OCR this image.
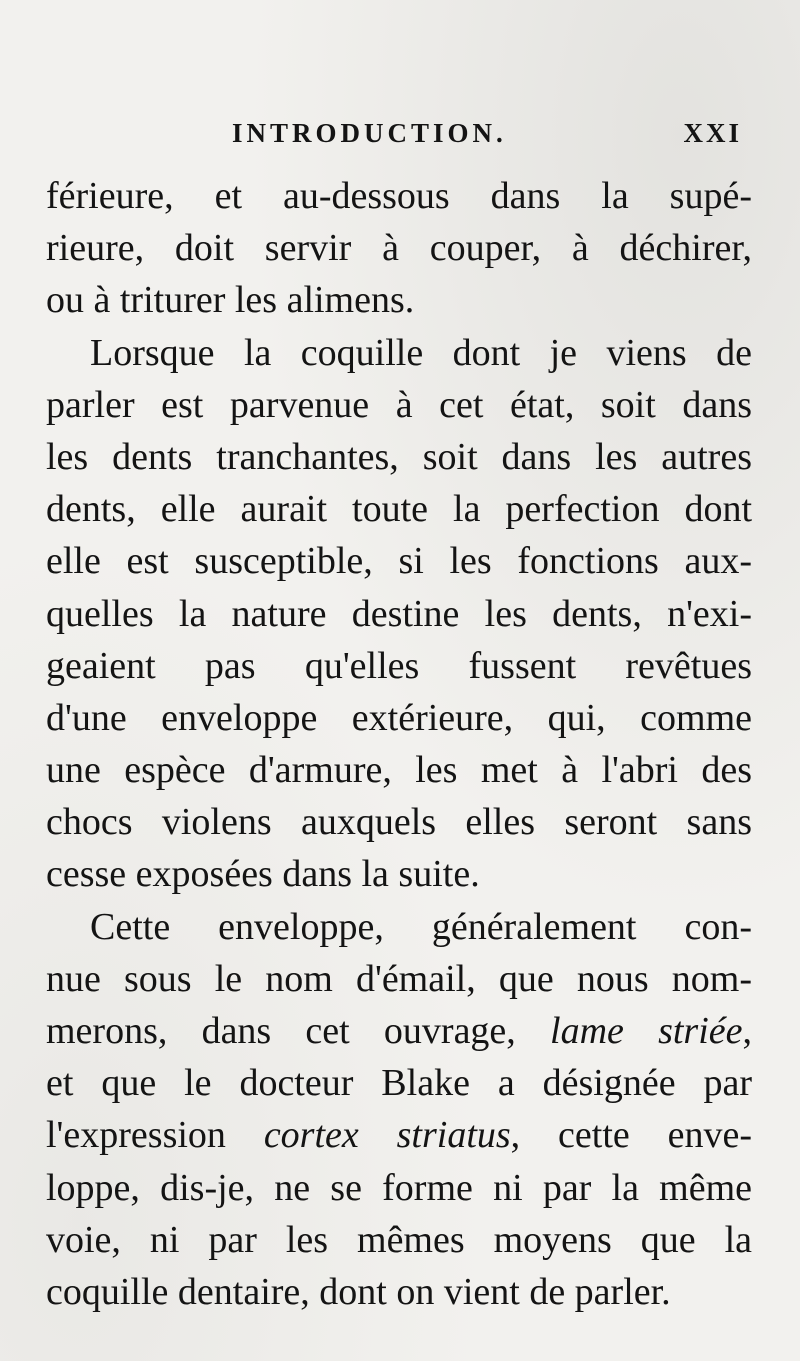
INTRODUCTION.	XXI
férieure, et au-dessous dans la supé-
rieure, doit servir à couper, à déchirer,
ou à triturer les alimens.
Lorsque la coquille dont je viens de
parler est parvenue à cet état, soit dans
les dents tranchantes, soit dans les autres
dents, elle aurait toute la perfection dont
elle est susceptible, si les fonctions aux-
quelles la nature destine les dents, n'exi-
geaient pas qu'elles fussent revêtues
d'une enveloppe extérieure, qui, comme
une espèce d'armure, les met à l'abri des
chocs violens auxquels elles seront sans
cesse exposées dans la suite.
Cette enveloppe, généralement con-
nue sous le nom d'émail, que nous nom-
merons, dans cet ouvrage, lame striée,
et que le docteur Blake a désignée par
l'expression cortex striatus, cette enve-
loppe, dis-je, ne se forme ni par la même
voie, ni par les mêmes moyens que la
coquille dentaire, dont on vient de parler.
